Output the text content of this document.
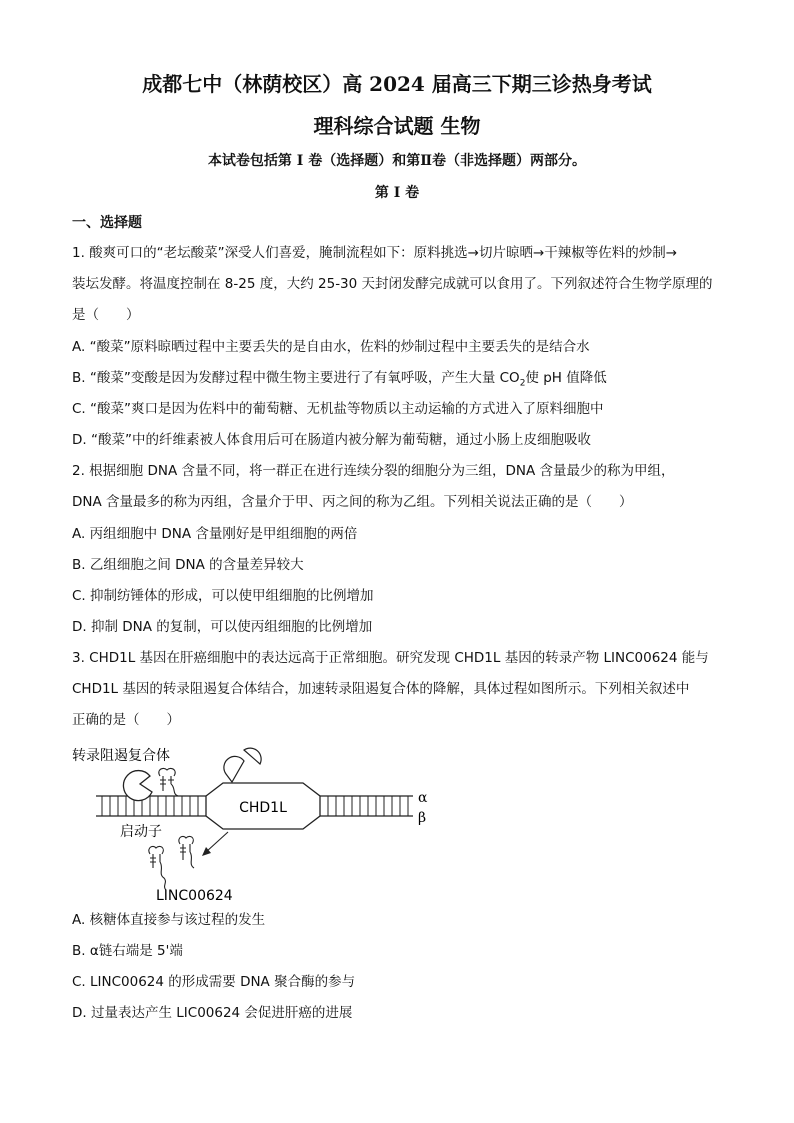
成都七中（林荫校区）高 2024 届高三下期三诊热身考试
理科综合试题 生物
本试卷包括第 I 卷（选择题）和第Ⅱ卷（非选择题）两部分。
第 I 卷
一、选择题
1. 酸爽可口的“老坛酸菜”深受人们喜爱，腌制流程如下：原料挑选→切片晾晒→干辣椒等佐料的炒制→
装坛发酵。将温度控制在 8-25 度，大约 25-30 天封闭发酵完成就可以食用了。下列叙述符合生物学原理的
是（　　）
A. “酸菜”原料晾晒过程中主要丢失的是自由水，佐料的炒制过程中主要丢失的是结合水
B. “酸菜”变酸是因为发酵过程中微生物主要进行了有氧呼吸，产生大量 $CO_2$使 pH 值降低
C. “酸菜”爽口是因为佐料中的葡萄糖、无机盐等物质以主动运输的方式进入了原料细胞中
D. “酸菜”中的纤维素被人体食用后可在肠道内被分解为葡萄糖，通过小肠上皮细胞吸收
2. 根据细胞 DNA 含量不同，将一群正在进行连续分裂的细胞分为三组，DNA 含量最少的称为甲组，
DNA 含量最多的称为丙组，含量介于甲、丙之间的称为乙组。下列相关说法正确的是（　　）
A. 丙组细胞中 DNA 含量刚好是甲组细胞的两倍
B. 乙组细胞之间 DNA 的含量差异较大
C. 抑制纺锤体的形成，可以使甲组细胞的比例增加
D. 抑制 DNA 的复制，可以使丙组细胞的比例增加
3. CHD1L 基因在肝癌细胞中的表达远高于正常细胞。研究发现 CHD1L 基因的转录产物 LINC00624 能与
CHD1L 基因的转录阻遏复合体结合，加速转录阻遏复合体的降解，具体过程如图所示。下列相关叙述中
正确的是（　　）
CHD1L
α
β
转录阻遏复合体
启动子
LINC00624
A. 核糖体直接参与该过程的发生
B. α链右端是 5'端
C. LINC00624 的形成需要 DNA 聚合酶的参与
D. 过量表达产生 LIC00624 会促进肝癌的进展
